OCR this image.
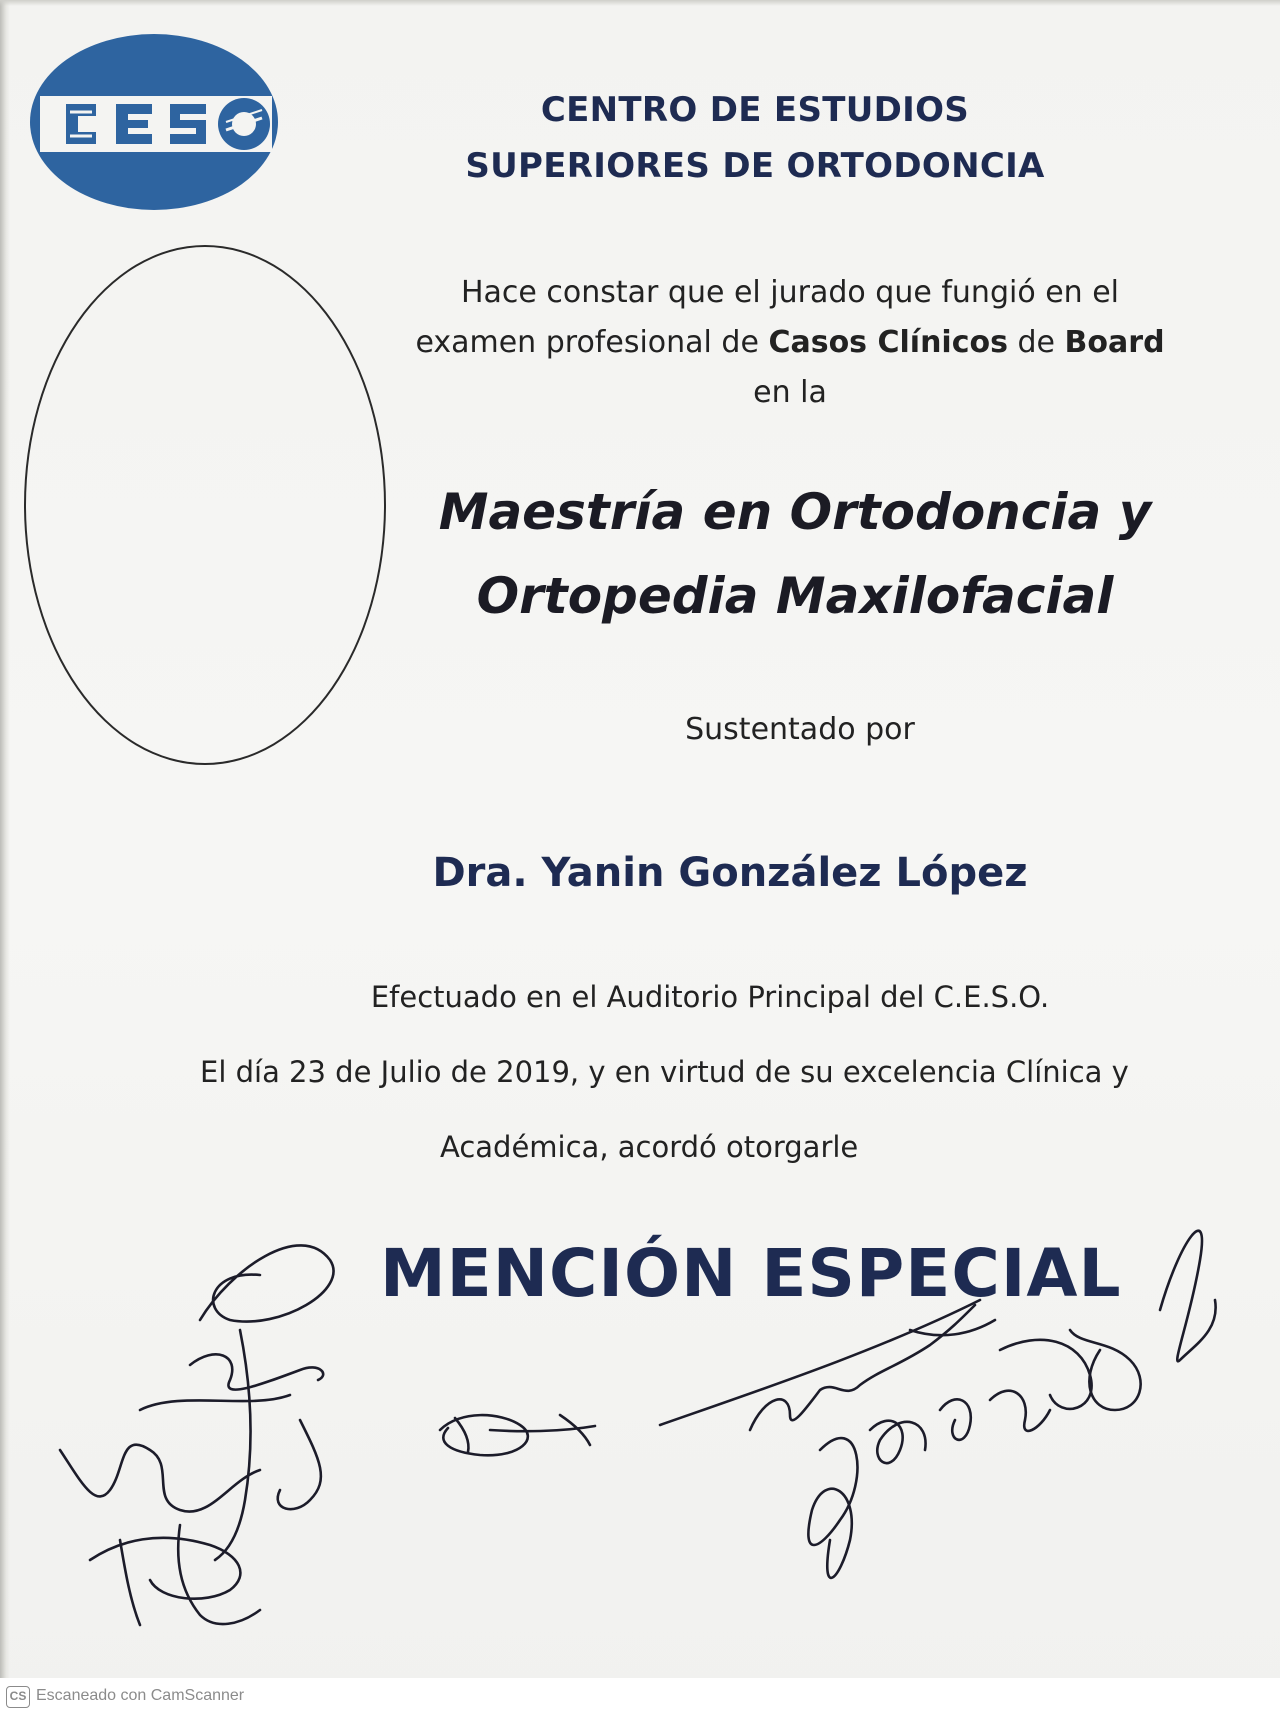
CENTRO DE ESTUDIOS
SUPERIORES DE ORTODONCIA
Hace constar que el jurado que fungió en el
examen profesional de Casos Clínicos de Board
en la
Maestría en Ortodoncia y
Ortopedia Maxilofacial
Sustentado por
Dra. Yanin González López
Efectuado en el Auditorio Principal del C.E.S.O.
El día 23 de Julio de 2019, y en virtud de su excelencia Clínica y
Académica, acordó otorgarle
MENCIÓN ESPECIAL
CS Escaneado con CamScanner
